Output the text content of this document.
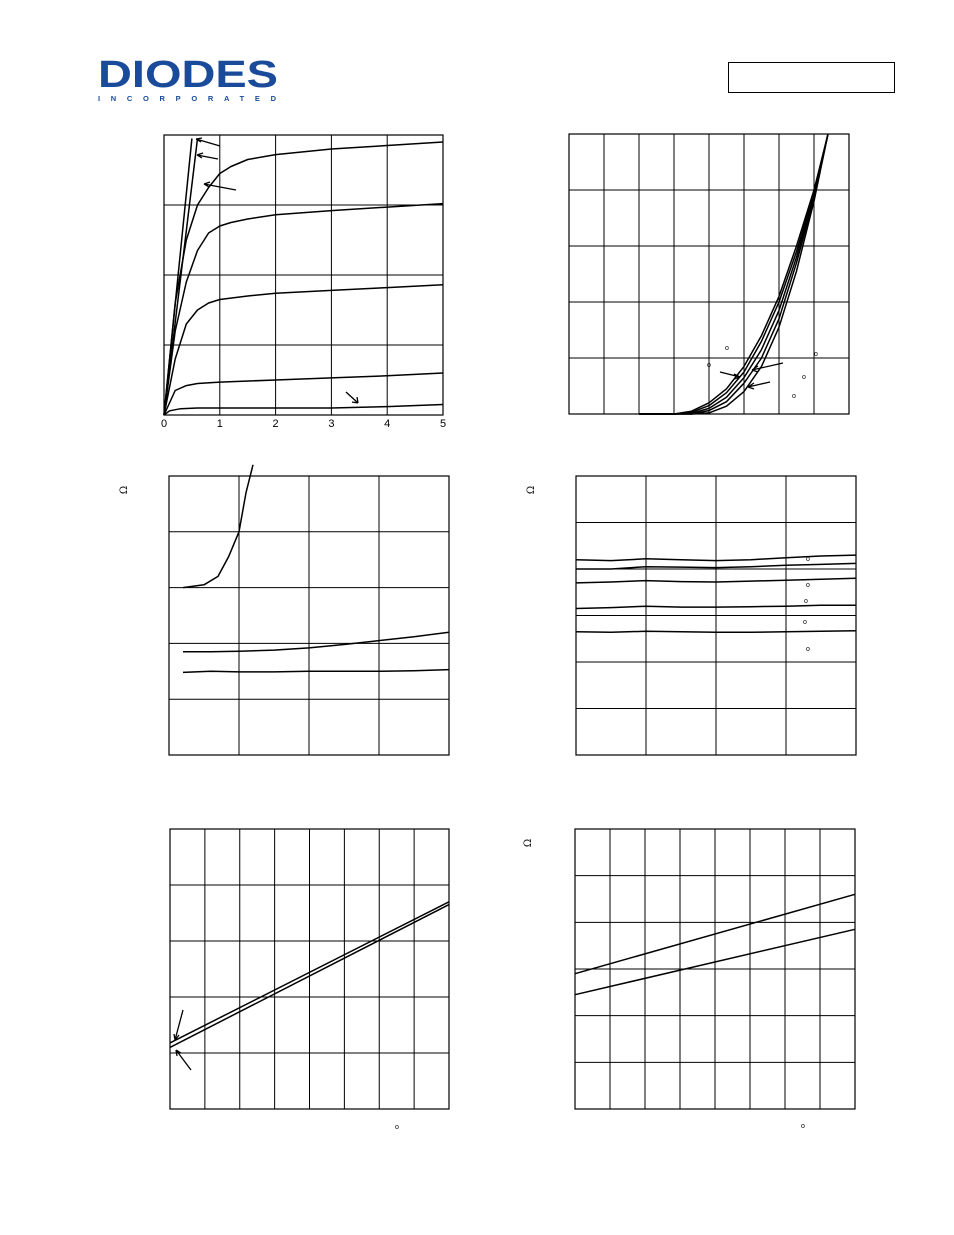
DIODES
INCORPORATED
0	1	2	3	4	5
o
o
o
o
o
Ω	Ω
o
o
o
o
o
o
Ω
o
